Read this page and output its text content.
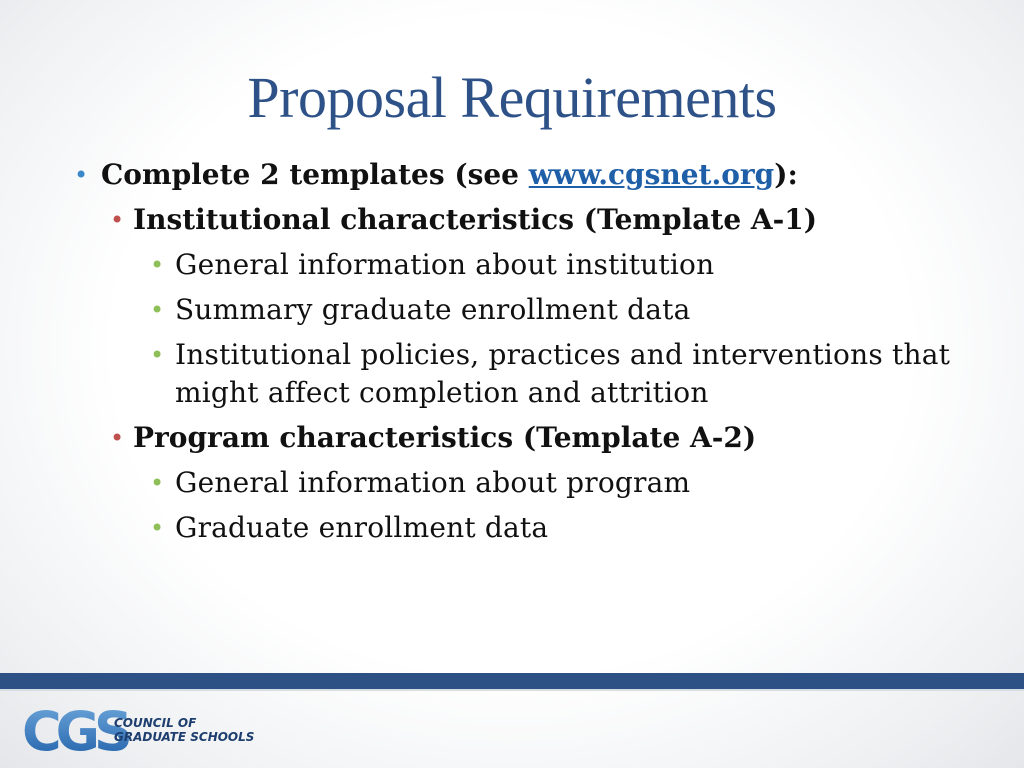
Proposal Requirements
• Complete 2 templates (see www.cgsnet.org):
• Institutional characteristics (Template A-1)
• General information about institution
• Summary graduate enrollment data
• Institutional policies, practices and interventions that
might affect completion and attrition
• Program characteristics (Template A-2)
• General information about program
• Graduate enrollment data
CGS
COUNCIL OF
GRADUATE SCHOOLS
